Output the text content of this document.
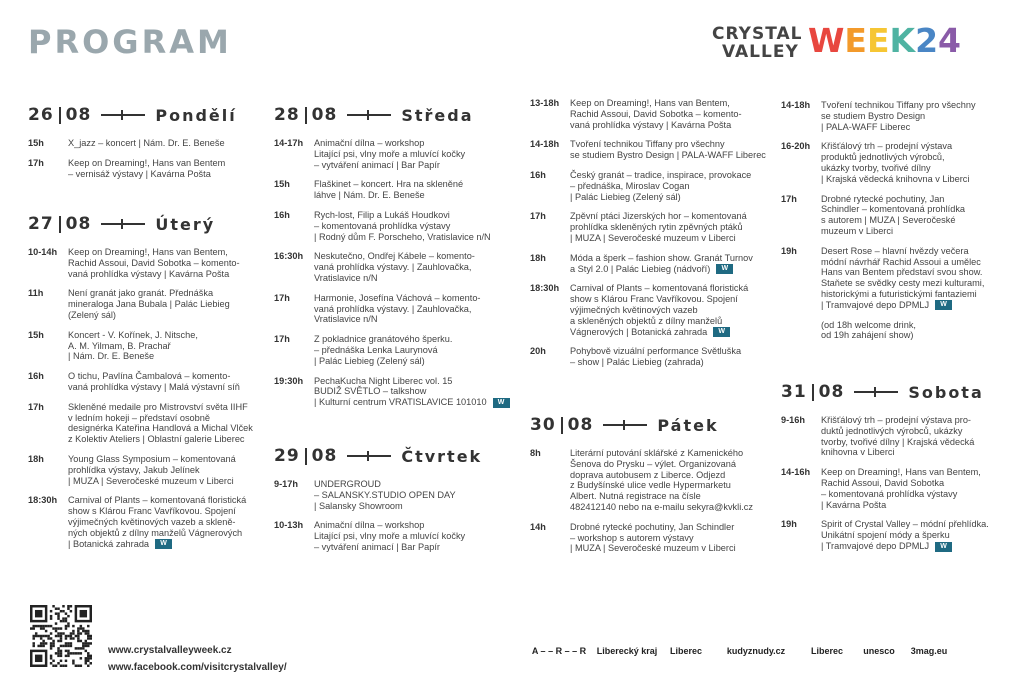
PROGRAM	CRYSTAL
VALLEY W E E K 2 4
26 08	Pondělí
15h	X_jazz – koncert | Nám. Dr. E. Beneše
17h	Keep on Dreaming!, Hans van Bentem
– vernisáž výstavy | Kavárna Pošta
27 08	Úterý
10-14h	Keep on Dreaming!, Hans van Bentem,
Rachid Assoui, David Sobotka – komento-
vaná prohlídka výstavy | Kavárna Pošta
11h	Není granát jako granát. Přednáška
mineraloga Jana Bubala | Palác Liebieg
(Zelený sál)
15h	Koncert - V. Kořínek, J. Nitsche,
A. M. Yilmam, B. Prachař
| Nám. Dr. E. Beneše
16h	O tichu, Pavlína Čambalová – komento-
vaná prohlídka výstavy | Malá výstavní síň
17h	Skleněné medaile pro Mistrovství světa IIHF
v ledním hokeji – představí osobně
designérka Kateřina Handlová a Michal Vlček
z Kolektiv Ateliers | Oblastní galerie Liberec
18h	Young Glass Symposium – komentovaná
prohlídka výstavy, Jakub Jelínek
| MUZA | Severočeské muzeum v Liberci
18:30h	Carnival of Plants – komentovaná floristická
show s Klárou Franc Vavříkovou. Spojení
výjimečných květinových vazeb a skleně-
ných objektů z dílny manželů Vágnerových
| Botanická zahrada W
28 08	Středa
14-17h	Animační dílna – workshop
Litající psi, vlny moře a mluvící kočky
– vytváření animací | Bar Papír
15h	Flaškinet – koncert. Hra na skleněné
láhve | Nám. Dr. E. Beneše
16h	Rych-lost, Filip a Lukáš Houdkovi
– komentovaná prohlídka výstavy
| Rodný dům F. Porscheho, Vratislavice n/N
16:30h	Neskutečno, Ondřej Kábele – komento-
vaná prohlídka výstavy. | Zauhlovačka,
Vratislavice n/N
17h	Harmonie, Josefína Váchová – komento-
vaná prohlídka výstavy. | Zauhlovačka,
Vratislavice n/N
17h	Z pokladnice granátového šperku.
– přednáška Lenka Laurynová
| Palác Liebieg (Zelený sál)
19:30h	PechaKucha Night Liberec vol. 15
BUDIŽ SVĚTLO – talkshow
| Kulturní centrum VRATISLAVICE 101010 W
29 08	Čtvrtek
9-17h	UNDERGROUD
– SALANSKY.STUDIO OPEN DAY
| Salansky Showroom
10-13h	Animační dílna – workshop
Litající psi, vlny moře a mluvící kočky
– vytváření animací | Bar Papír
13-18h	Keep on Dreaming!, Hans van Bentem,
Rachid Assoui, David Sobotka – komento-
vaná prohlídka výstavy | Kavárna Pošta
14-18h	Tvoření technikou Tiffany pro všechny
se studiem Bystro Design | PALA-WAFF Liberec
16h	Český granát – tradice, inspirace, provokace
– přednáška, Miroslav Cogan
| Palác Liebieg (Zelený sál)
17h	Zpěvní ptáci Jizerských hor – komentovaná
prohlídka skleněných rytin zpěvných ptáků
| MUZA | Severočeské muzeum v Liberci
18h	Móda a šperk – fashion show. Granát Turnov
a Styl 2.0 | Palác Liebieg (nádvoří) W
18:30h	Carnival of Plants – komentovaná floristická
show s Klárou Franc Vavříkovou. Spojení
výjimečných květinových vazeb
a skleněných objektů z dílny manželů
Vágnerových | Botanická zahrada W
20h	Pohybově vizuální performance Světluška
– show | Palác Liebieg (zahrada)
30 08	Pátek
8h	Literární putování sklářské z Kamenického
Šenova do Prysku – výlet. Organizovaná
doprava autobusem z Liberce. Odjezd
z Budyšínské ulice vedle Hypermarketu
Albert. Nutná registrace na čísle
482412140 nebo na e-mailu sekyra@kvkli.cz
14h	Drobné rytecké pochutiny, Jan Schindler
– workshop s autorem výstavy
| MUZA | Severočeské muzeum v Liberci
14-18h	Tvoření technikou Tiffany pro všechny
se studiem Bystro Design
| PALA-WAFF Liberec
16-20h	Křišťálový trh – prodejní výstava
produktů jednotlivých výrobců,
ukázky tvorby, tvořivé dílny
| Krajská vědecká knihovna v Liberci
17h	Drobné rytecké pochutiny, Jan
Schindler – komentovaná prohlídka
s autorem | MUZA | Severočeské
muzeum v Liberci
19h	Desert Rose – hlavní hvězdy večera
módní návrhář Rachid Assoui a umělec
Hans van Bentem představí svou show.
Staňete se svědky cesty mezi kulturami,
historickými a futuristickými fantaziemi
| Tramvajové depo DPMLJ W
(od 18h welcome drink,
od 19h zahájení show)
31 08	Sobota
9-16h	Křišťálový trh – prodejní výstava pro-
duktů jednotlivých výrobců, ukázky
tvorby, tvořivé dílny | Krajská vědecká
knihovna v Liberci
14-16h	Keep on Dreaming!, Hans van Bentem,
Rachid Assoui, David Sobotka
– komentovaná prohlídka výstavy
| Kavárna Pošta
19h	Spirit of Crystal Valley – módní přehlídka.
Unikátní spojení módy a šperku
| Tramvajové depo DPMLJ W
www.crystalvalleyweek.cz
www.facebook.com/visitcrystalvalley/
A – – R – – R	Liberecký kraj	Liberec	kudyznudy.cz	Liberec	unesco	3mag.eu
